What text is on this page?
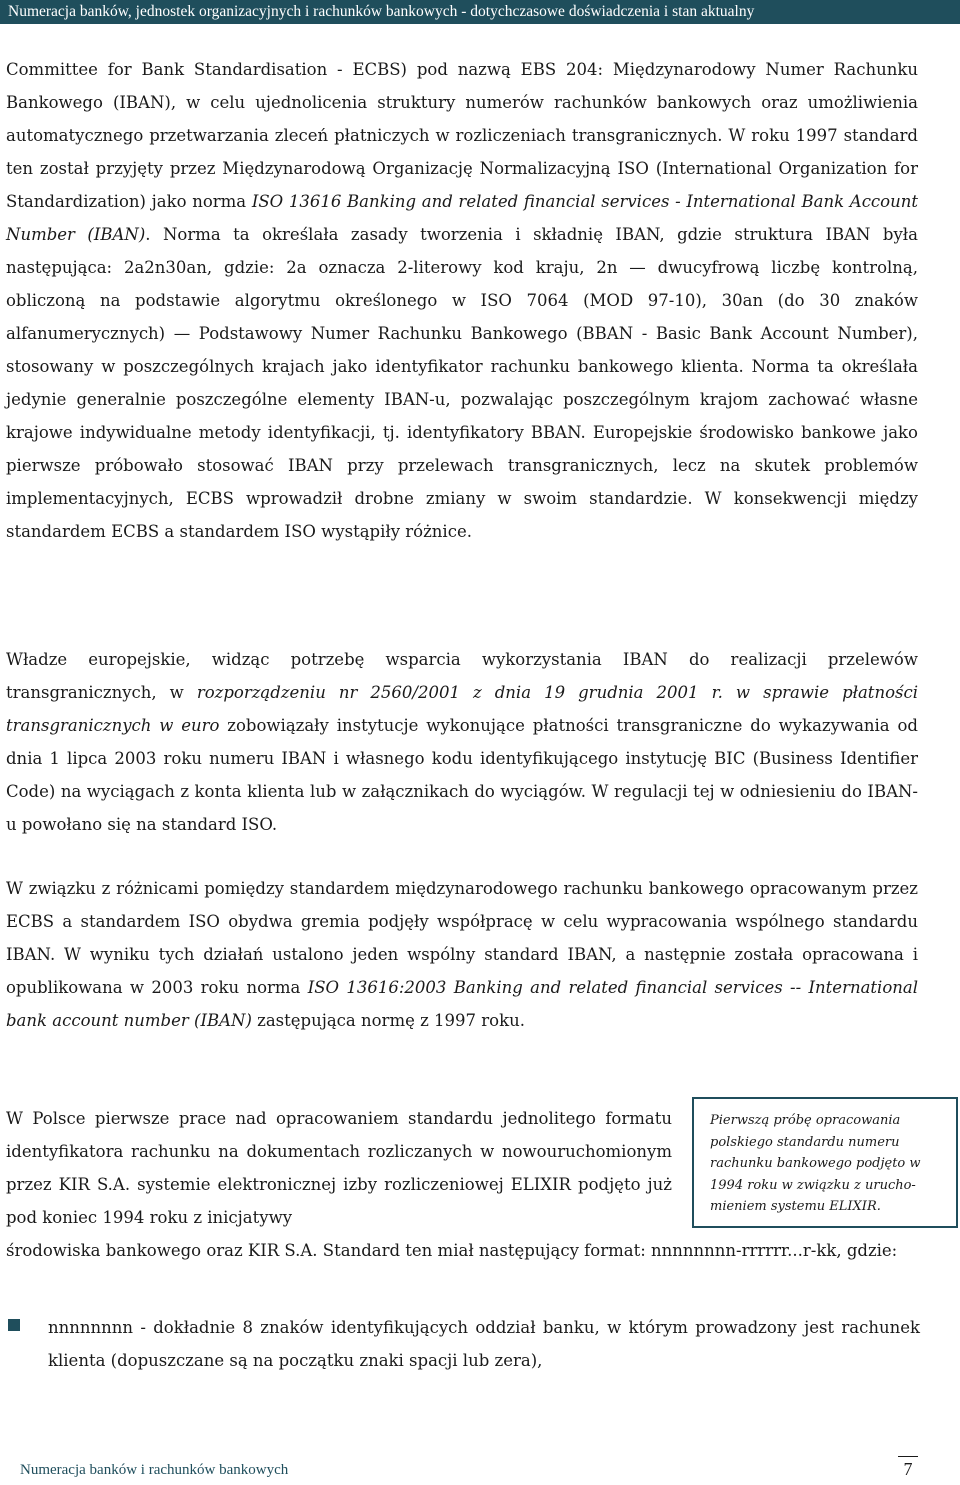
Numeracja banków, jednostek organizacyjnych i rachunków bankowych - dotychczasowe doświadczenia i stan aktualny

Committee for Bank Standardisation - ECBS) pod nazwą EBS 204: Międzynarodowy Numer Rachunku Bankowego (IBAN), w celu ujednolicenia struktury numerów rachunków bankowych oraz umożliwienia automatycznego przetwarzania zleceń płatniczych w rozliczeniach transgranicznych. W roku 1997 standard ten został przyjęty przez Międzynarodową Organizację Normalizacyjną ISO (International Organization for Standardization) jako norma ISO 13616 Banking and related financial services - International Bank Account Number (IBAN). Norma ta określała zasady tworzenia i składnię IBAN, gdzie struktura IBAN była następująca: 2a2n30an, gdzie: 2a oznacza 2-literowy kod kraju, 2n — dwucyfrową liczbę kontrolną, obliczoną na podstawie algorytmu określonego w ISO 7064 (MOD 97-10), 30an (do 30 znaków alfanumerycznych) — Podstawowy Numer Rachunku Bankowego (BBAN - Basic Bank Account Number), stosowany w poszczególnych krajach jako identyfikator rachunku bankowego klienta. Norma ta określała jedynie generalnie poszczególne elementy IBAN-u, pozwalając poszczególnym krajom zachować własne krajowe indywidualne metody identyfikacji, tj. identyfikatory BBAN. Europejskie środowisko bankowe jako pierwsze próbowało stosować IBAN przy przelewach transgranicznych, lecz na skutek problemów implementacyjnych, ECBS wprowadził drobne zmiany w swoim standardzie. W konsekwencji między standardem ECBS a standardem ISO wystąpiły różnice.

Władze europejskie, widząc potrzebę wsparcia wykorzystania IBAN do realizacji przelewów transgranicznych, w rozporządzeniu nr 2560/2001 z dnia 19 grudnia 2001 r. w sprawie płatności transgranicznych w euro zobowiązały instytucje wykonujące płatności transgraniczne do wykazywania od dnia 1 lipca 2003 roku numeru IBAN i własnego kodu identyfikującego instytucję BIC (Business Identifier Code) na wyciągach z konta klienta lub w załącznikach do wyciągów. W regulacji tej w odniesieniu do IBAN-u powołano się na standard ISO.

W związku z różnicami pomiędzy standardem międzynarodowego rachunku bankowego opracowanym przez ECBS a standardem ISO obydwa gremia podjęły współpracę w celu wypracowania wspólnego standardu IBAN. W wyniku tych działań ustalono jeden wspólny standard IBAN, a następnie została opracowana i opublikowana w 2003 roku norma ISO 13616:2003 Banking and related financial services -- International bank account number (IBAN) zastępująca normę z 1997 roku.

W Polsce pierwsze prace nad opracowaniem standardu jednolitego formatu identyfikatora rachunku na dokumentach rozliczanych w nowouruchomionym przez KIR S.A. systemie elektronicznej izby rozliczeniowej ELIXIR podjęto już pod koniec 1994 roku z inicjatywy

środowiska bankowego oraz KIR S.A. Standard ten miał następujący format: nnnnnnnn-rrrrrr...r-kk, gdzie:

Pierwszą próbę opracowania
polskiego standardu numeru
rachunku bankowego podjęto w
1994 roku w związku z urucho-
mieniem systemu ELIXIR.

nnnnnnnn - dokładnie 8 znaków identyfikujących oddział banku, w którym prowadzony jest rachunek klienta (dopuszczane są na początku znaki spacji lub zera),

Numeracja banków i rachunków bankowych	7
